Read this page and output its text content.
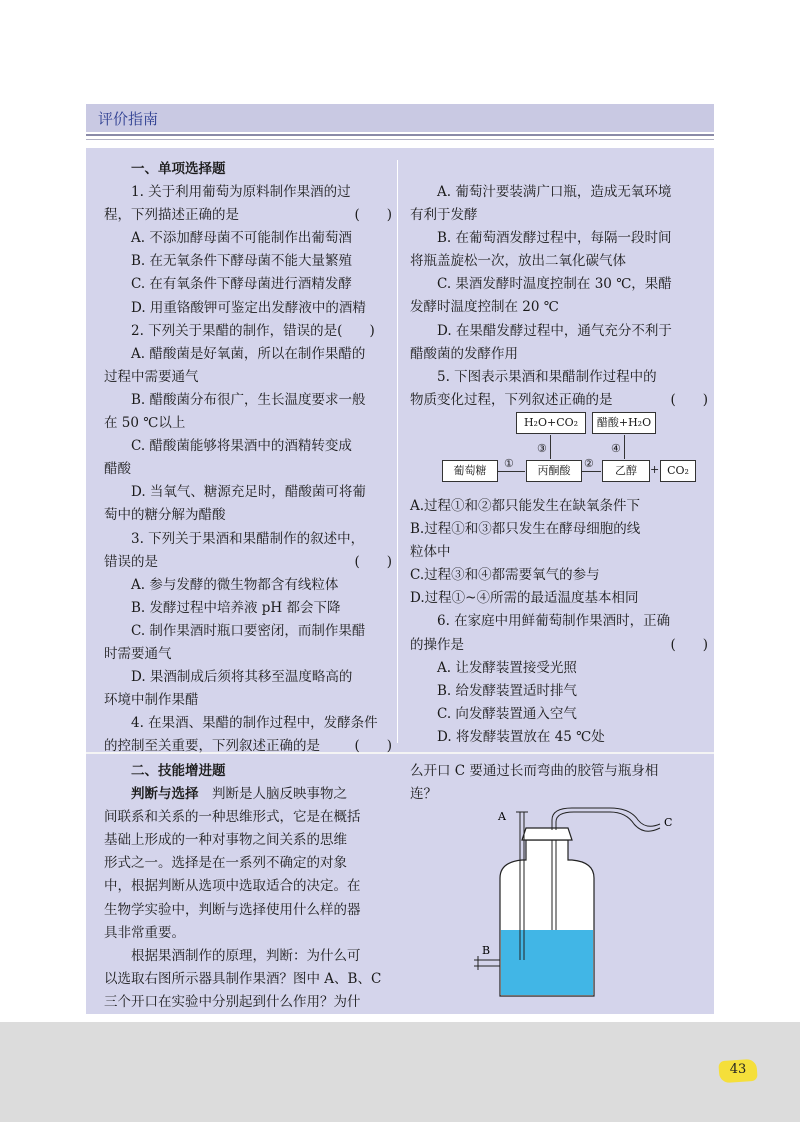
评价指南

一、单项选择题

1. 关于利用葡萄为原料制作果酒的过

程，下列描述正确的是	(　　)

A. 不添加酵母菌不可能制作出葡萄酒

B. 在无氧条件下酵母菌不能大量繁殖

C. 在有氧条件下酵母菌进行酒精发酵

D. 用重铬酸钾可鉴定出发酵液中的酒精

2. 下列关于果醋的制作，错误的是(　　)

A. 醋酸菌是好氧菌，所以在制作果醋的

过程中需要通气

B. 醋酸菌分布很广，生长温度要求一般

在 50 ℃以上

C. 醋酸菌能够将果酒中的酒精转变成

醋酸

D. 当氧气、糖源充足时，醋酸菌可将葡

萄中的糖分解为醋酸

3. 下列关于果酒和果醋制作的叙述中，

错误的是	(　　)

A. 参与发酵的微生物都含有线粒体

B. 发酵过程中培养液 pH 都会下降

C. 制作果酒时瓶口要密闭，而制作果醋

时需要通气

D. 果酒制成后须将其移至温度略高的

环境中制作果醋

4. 在果酒、果醋的制作过程中，发酵条件

的控制至关重要，下列叙述正确的是	(　　)

A. 葡萄汁要装满广口瓶，造成无氧环境

有利于发酵

B. 在葡萄酒发酵过程中，每隔一段时间

将瓶盖旋松一次，放出二氧化碳气体

C. 果酒发酵时温度控制在 30 ℃，果醋

发酵时温度控制在 20 ℃

D. 在果醋发酵过程中，通气充分不利于

醋酸菌的发酵作用

5. 下图表示果酒和果醋制作过程中的

物质变化过程，下列叙述正确的是	(　　)

H₂O+CO₂	醋酸+H₂O
葡萄糖	丙酮酸	乙醇	CO₂
+
①	②
③	④

A.过程①和②都只能发生在缺氧条件下

B.过程①和③都只发生在酵母细胞的线

粒体中

C.过程③和④都需要氧气的参与

D.过程①~④所需的最适温度基本相同

6. 在家庭中用鲜葡萄制作果酒时，正确

的操作是	(　　)

A. 让发酵装置接受光照

B. 给发酵装置适时排气

C. 向发酵装置通入空气

D. 将发酵装置放在 45 ℃处

二、技能增进题

判断与选择　 判断是人脑反映事物之

间联系和关系的一种思维形式，它是在概括

基础上形成的一种对事物之间关系的思维

形式之一。选择是在一系列不确定的对象

中，根据判断从选项中选取适合的决定。在

生物学实验中，判断与选择使用什么样的器

具非常重要。

根据果酒制作的原理，判断：为什么可

以选取右图所示器具制作果酒？图中 A、B、C

三个开口在实验中分别起到什么作用？为什

么开口 C 要通过长而弯曲的胶管与瓶身相

连？

A	C
B
43
